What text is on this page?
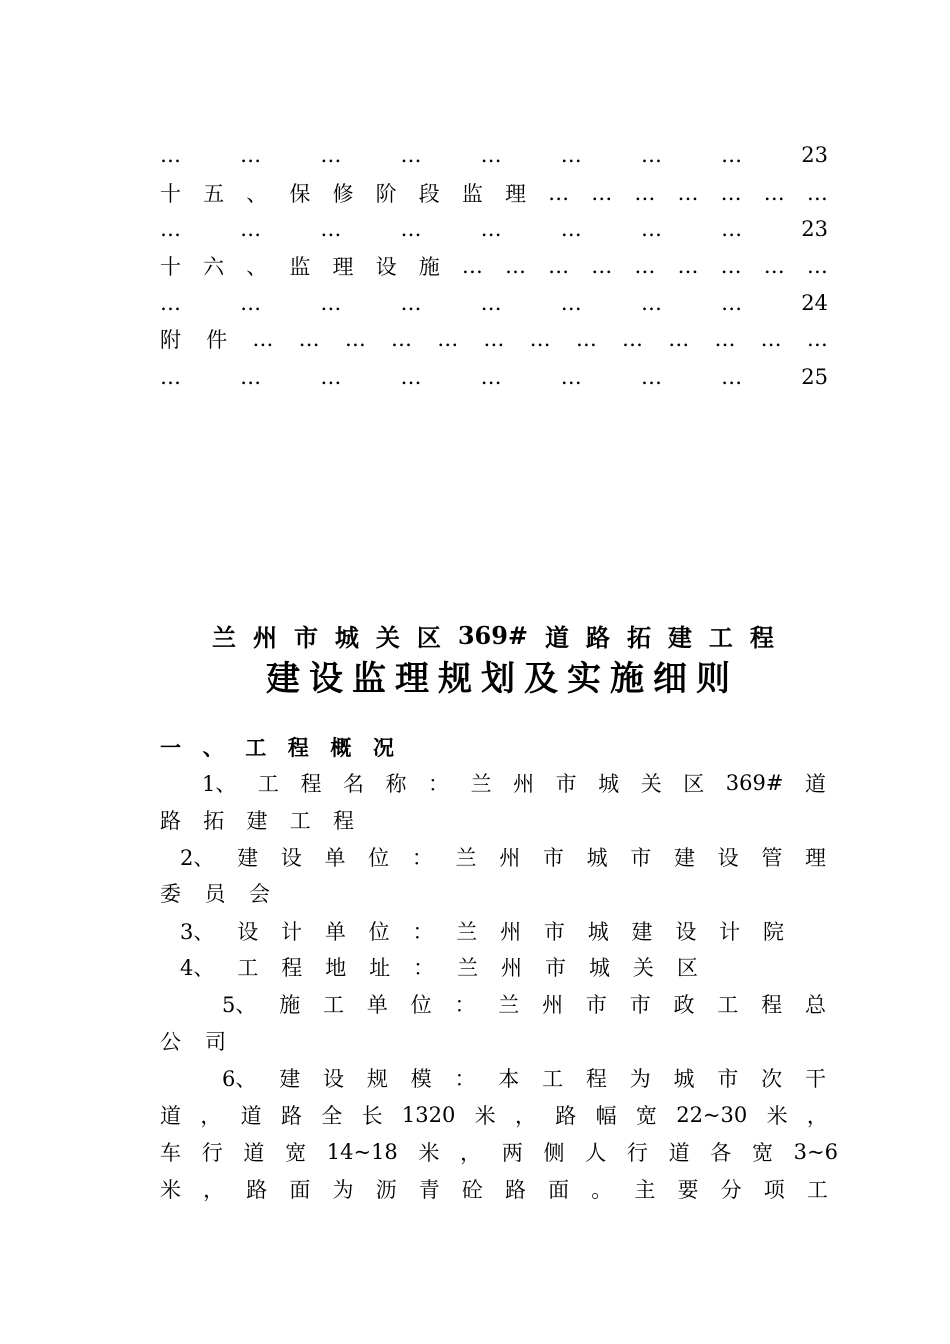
…	…	…	…	…	…	…	…	23
十 五 、 保 修 阶 段 监 理 … … … … … … …
…	…	…	…	…	…	…	…	23
十 六 、 监 理 设 施 … … … … … … … … …
…	…	…	…	…	…	…	…	24
附 件 … … … … … … … … … … … … …
…	…	…	…	…	…	…	…	25
兰 州 市 城 关 区 369# 道 路 拓 建 工 程
建 设 监 理 规 划 及 实 施 细 则
一 、 工 程 概 况
1、 工 程 名 称 ： 兰 州 市 城 关 区 369# 道
路 拓 建 工 程
2、 建 设 单 位 ： 兰 州 市 城 市 建 设 管 理
委 员 会
3、 设 计 单 位 ： 兰 州 市 城 建 设 计 院
4、 工 程 地 址 ： 兰 州 市 城 关 区
5、 施 工 单 位 ： 兰 州 市 市 政 工 程 总
公 司
6、 建 设 规 模 ： 本 工 程 为 城 市 次 干
道 ， 道 路 全 长 1320 米 ， 路 幅 宽 22~30 米 ，
车 行 道 宽 14~18 米 ， 两 侧 人 行 道 各 宽 3~6
米 ， 路 面 为 沥 青 砼 路 面 。 主 要 分 项 工
